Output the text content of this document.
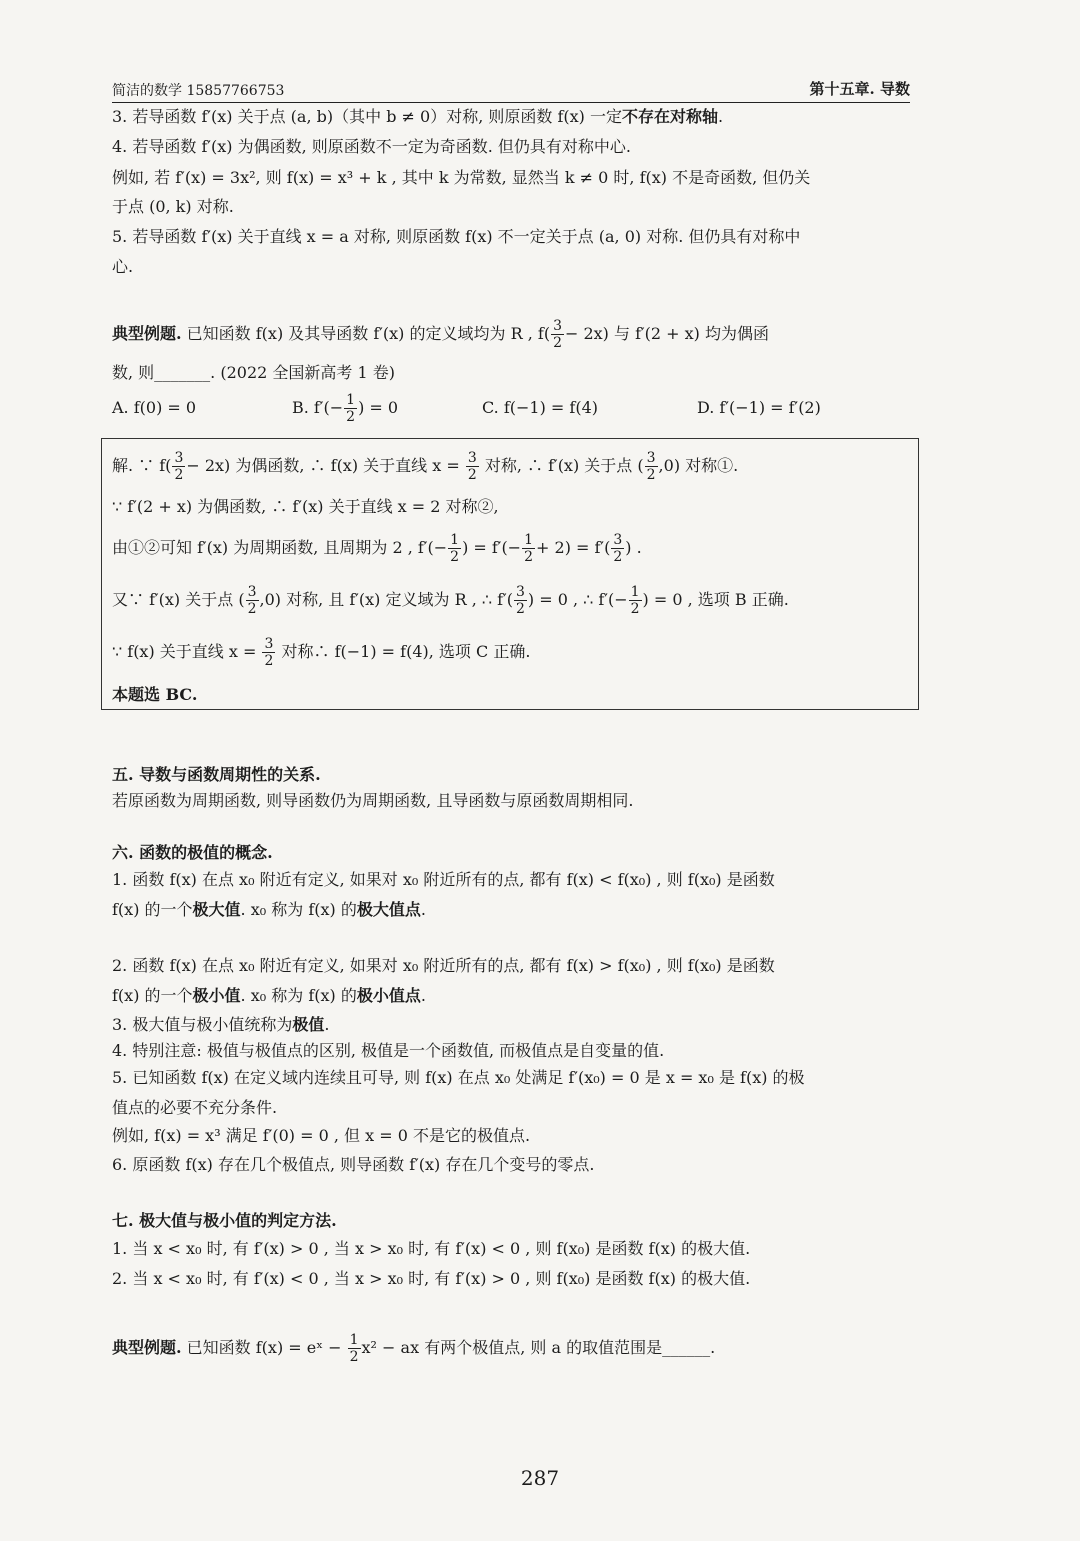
简洁的数学 15857766753	第十五章. 导数
3. 若导函数 f′(x) 关于点 (a, b)（其中 b ≠ 0）对称, 则原函数 f(x) 一定不存在对称轴.
4. 若导函数 f′(x) 为偶函数, 则原函数不一定为奇函数. 但仍具有对称中心.
例如, 若 f′(x) = 3x², 则 f(x) = x³ + k , 其中 k 为常数, 显然当 k ≠ 0 时, f(x) 不是奇函数, 但仍关
于点 (0, k) 对称.
5. 若导函数 f′(x) 关于直线 x = a 对称, 则原函数 f(x) 不一定关于点 (a, 0) 对称. 但仍具有对称中
心.
典型例题. 已知函数 f(x) 及其导函数 f′(x) 的定义域均为 R , $f( \frac{3}{2} - 2x)$ 与 f′(2 + x) 均为偶函
数, 则_______. (2022 全国新高考 1 卷)
A. f(0) = 0	B. $f'(- \frac{1}{2}$ ) = 0	C. f(−1) = f(4)	D. f′(−1) = f′(2)
解. ∵ $f( \frac{3}{2} - 2x)$ 为偶函数, ∴ f(x) 关于直线 $x = \frac{3}{2}$ 对称, ∴ f′(x) 关于点 ( $\frac{3}{2} ,0$) 对称①.
∵ f′(2 + x) 为偶函数, ∴ f′(x) 关于直线 x = 2 对称②,
由①②可知 f′(x) 为周期函数, 且周期为 2 , $f'(- \frac{1}{2}$ ) = $f'(- \frac{1}{2} + 2) = f'( \frac{3}{2}$ ) .
又∵ f′(x) 关于点 ( $\frac{3}{2} ,0$) 对称, 且 f′(x) 定义域为 R , ∴ $f'( \frac{3}{2}$ ) = 0 , ∴ $f'(- \frac{1}{2}$ ) = 0 , 选项 B 正确.
∵ f(x) 关于直线 $x = \frac{3}{2}$ 对称∴ f(−1) = f(4), 选项 C 正确.
本题选 BC.
五. 导数与函数周期性的关系.
若原函数为周期函数, 则导函数仍为周期函数, 且导函数与原函数周期相同.
六. 函数的极值的概念.
1. 函数 f(x) 在点 x₀ 附近有定义, 如果对 x₀ 附近所有的点, 都有 f(x) < f(x₀) , 则 f(x₀) 是函数
f(x) 的一个极大值. x₀ 称为 f(x) 的极大值点.
2. 函数 f(x) 在点 x₀ 附近有定义, 如果对 x₀ 附近所有的点, 都有 f(x) > f(x₀) , 则 f(x₀) 是函数
f(x) 的一个极小值. x₀ 称为 f(x) 的极小值点.
3. 极大值与极小值统称为极值.
4. 特别注意: 极值与极值点的区别, 极值是一个函数值, 而极值点是自变量的值.
5. 已知函数 f(x) 在定义域内连续且可导, 则 f(x) 在点 x₀ 处满足 f′(x₀) = 0 是 x = x₀ 是 f(x) 的极
值点的必要不充分条件.
例如, f(x) = x³ 满足 f′(0) = 0 , 但 x = 0 不是它的极值点.
6. 原函数 f(x) 存在几个极值点, 则导函数 f′(x) 存在几个变号的零点.
七. 极大值与极小值的判定方法.
1. 当 x < x₀ 时, 有 f′(x) > 0 , 当 x > x₀ 时, 有 f′(x) < 0 , 则 f(x₀) 是函数 f(x) 的极大值.
2. 当 x < x₀ 时, 有 f′(x) < 0 , 当 x > x₀ 时, 有 f′(x) > 0 , 则 f(x₀) 是函数 f(x) 的极大值.
典型例题. 已知函数 f(x) = eˣ − $\frac{1}{2} x^2$ − ax 有两个极值点, 则 a 的取值范围是______.
287
